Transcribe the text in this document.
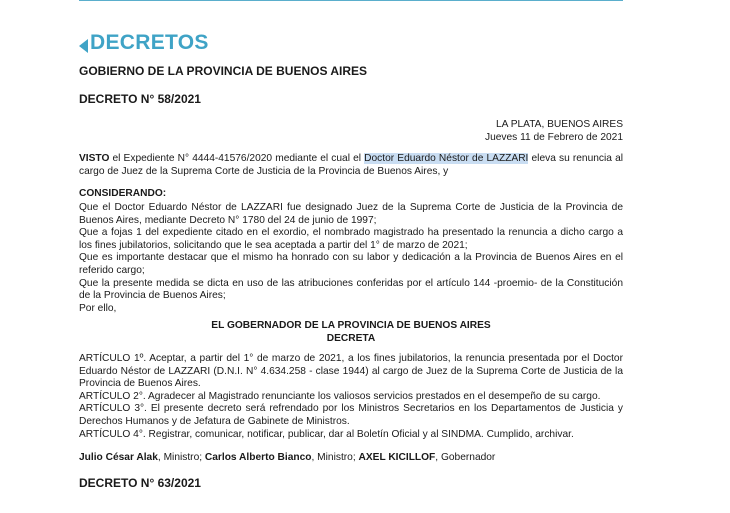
DECRETOS
GOBIERNO DE LA PROVINCIA DE BUENOS AIRES
DECRETO N° 58/2021
LA PLATA, BUENOS AIRES
Jueves 11 de Febrero de 2021
VISTO el Expediente N° 4444-41576/2020 mediante el cual el Doctor Eduardo Néstor de LAZZARI eleva su renuncia al cargo de Juez de la Suprema Corte de Justicia de la Provincia de Buenos Aires, y
CONSIDERANDO:

Que el Doctor Eduardo Néstor de LAZZARI fue designado Juez de la Suprema Corte de Justicia de la Provincia de Buenos Aires, mediante Decreto N° 1780 del 24 de junio de 1997;

Que a fojas 1 del expediente citado en el exordio, el nombrado magistrado ha presentado la renuncia a dicho cargo a los fines jubilatorios, solicitando que le sea aceptada a partir del 1° de marzo de 2021;

Que es importante destacar que el mismo ha honrado con su labor y dedicación a la Provincia de Buenos Aires en el referido cargo;

Que la presente medida se dicta en uso de las atribuciones conferidas por el artículo 144 -proemio- de la Constitución de la Provincia de Buenos Aires;

Por ello,

EL GOBERNADOR DE LA PROVINCIA DE BUENOS AIRES
DECRETA

ARTÍCULO 1º. Aceptar, a partir del 1° de marzo de 2021, a los fines jubilatorios, la renuncia presentada por el Doctor Eduardo Néstor de LAZZARI (D.N.I. N° 4.634.258 - clase 1944) al cargo de Juez de la Suprema Corte de Justicia de la Provincia de Buenos Aires.

ARTÍCULO 2°. Agradecer al Magistrado renunciante los valiosos servicios prestados en el desempeño de su cargo.

ARTÍCULO 3°. El presente decreto será refrendado por los Ministros Secretarios en los Departamentos de Justicia y Derechos Humanos y de Jefatura de Gabinete de Ministros.

ARTÍCULO 4°. Registrar, comunicar, notificar, publicar, dar al Boletín Oficial y al SINDMA. Cumplido, archivar.

Julio César Alak, Ministro; Carlos Alberto Bianco, Ministro; AXEL KICILLOF, Gobernador
DECRETO N° 63/2021
